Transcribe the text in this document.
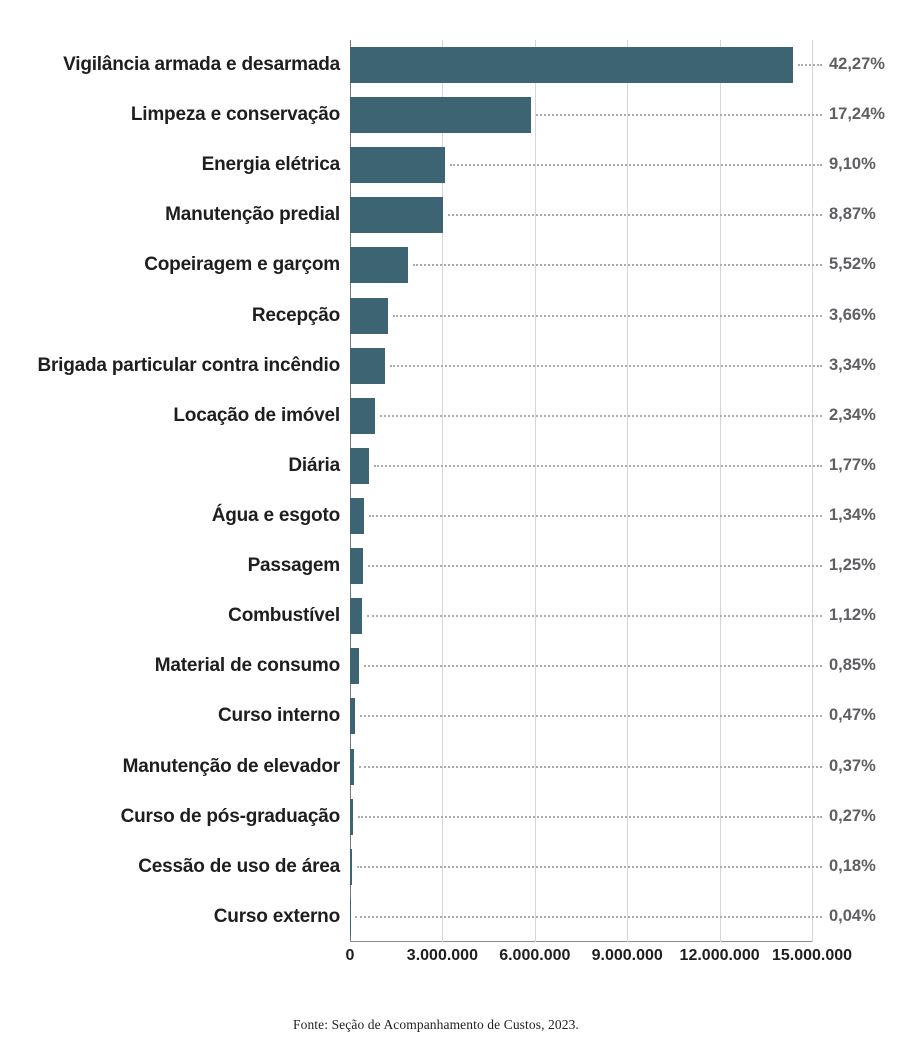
Vigilância armada e desarmada	42,27%
Limpeza e conservação	17,24%
Energia elétrica	9,10%
Manutenção predial	8,87%
Copeiragem e garçom	5,52%
Recepção	3,66%
Brigada particular contra incêndio	3,34%
Locação de imóvel	2,34%
Diária	1,77%
Água e esgoto	1,34%
Passagem	1,25%
Combustível	1,12%
Material de consumo	0,85%
Curso interno	0,47%
Manutenção de elevador	0,37%
Curso de pós-graduação	0,27%
Cessão de uso de área	0,18%
Curso externo	0,04%
0	3.000.000	6.000.000	9.000.000	12.000.000 15.000.000
Fonte: Seção de Acompanhamento de Custos, 2023.
